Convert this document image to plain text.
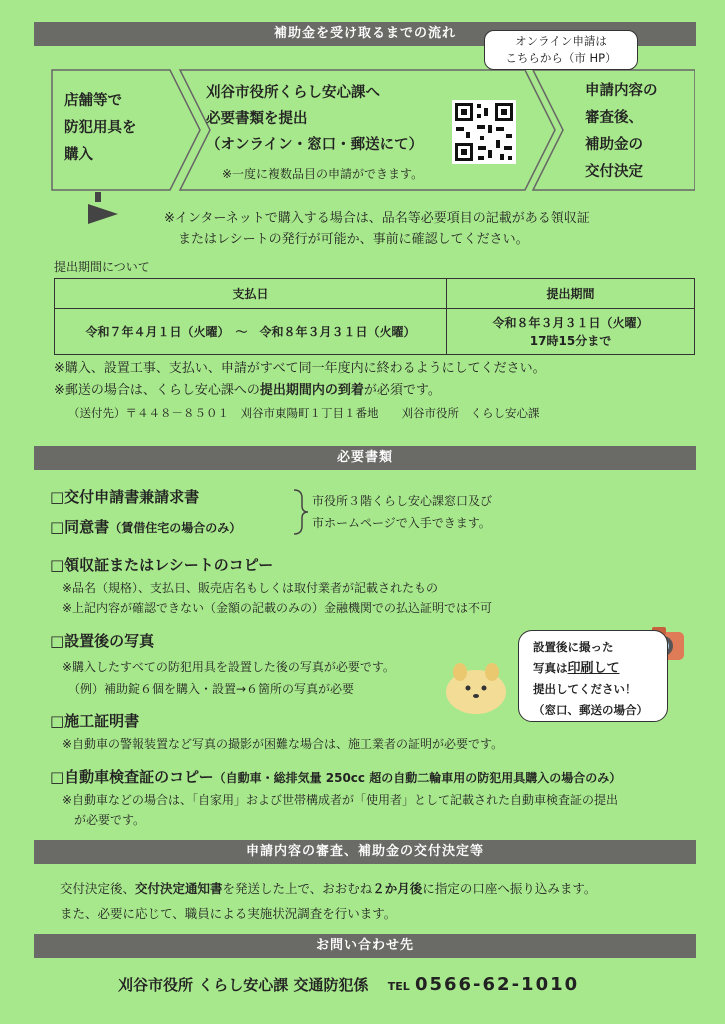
補助金を受け取るまでの流れ
店舗等で
防犯用具を
購入
刈谷市役所くらし安心課へ
必要書類を提出
（オンライン・窓口・郵送にて）
※一度に複数品目の申請ができます。
オンライン申請は
こちらから（市 HP）
申請内容の
審査後、
補助金の
交付決定
※インターネットで購入する場合は、品名等必要項目の記載がある領収証
またはレシートの発行が可能か、事前に確認してください。
提出期間について
支払日	提出期間
令和７年４月１日（火曜）　～　令和８年３月３１日（火曜）	令和８年３月３１日（火曜）
17時15分まで
※購入、設置工事、支払い、申請がすべて同一年度内に終わるようにしてください。
※郵送の場合は、くらし安心課への提出期間内の到着が必須です。
（送付先）〒４４８－８５０１　刈谷市東陽町１丁目１番地　　刈谷市役所　くらし安心課
必要書類
□交付申請書兼請求書
□同意書（賃借住宅の場合のみ）
市役所３階くらし安心課窓口及び
市ホームページで入手できます。
□領収証またはレシートのコピー
※品名（規格）、支払日、販売店名もしくは取付業者が記載されたもの
※上記内容が確認できない（金額の記載のみの）金融機関での払込証明では不可
□設置後の写真
※購入したすべての防犯用具を設置した後の写真が必要です。
（例）補助錠６個を購入・設置→６箇所の写真が必要
設置後に撮った
写真は印刷して
提出してください！
（窓口、郵送の場合）
□施工証明書
※自動車の警報装置など写真の撮影が困難な場合は、施工業者の証明が必要です。
□自動車検査証のコピー（自動車・総排気量 250cc 超の自動二輪車用の防犯用具購入の場合のみ）
※自動車などの場合は、「自家用」および世帯構成者が「使用者」として記載された自動車検査証の提出
が必要です。
申請内容の審査、補助金の交付決定等
交付決定後、交付決定通知書を発送した上で、おおむね２か月後に指定の口座へ振り込みます。
また、必要に応じて、職員による実施状況調査を行います。
お問い合わせ先
刈谷市役所 くらし安心課 交通防犯係 TEL 0566-62-1010
